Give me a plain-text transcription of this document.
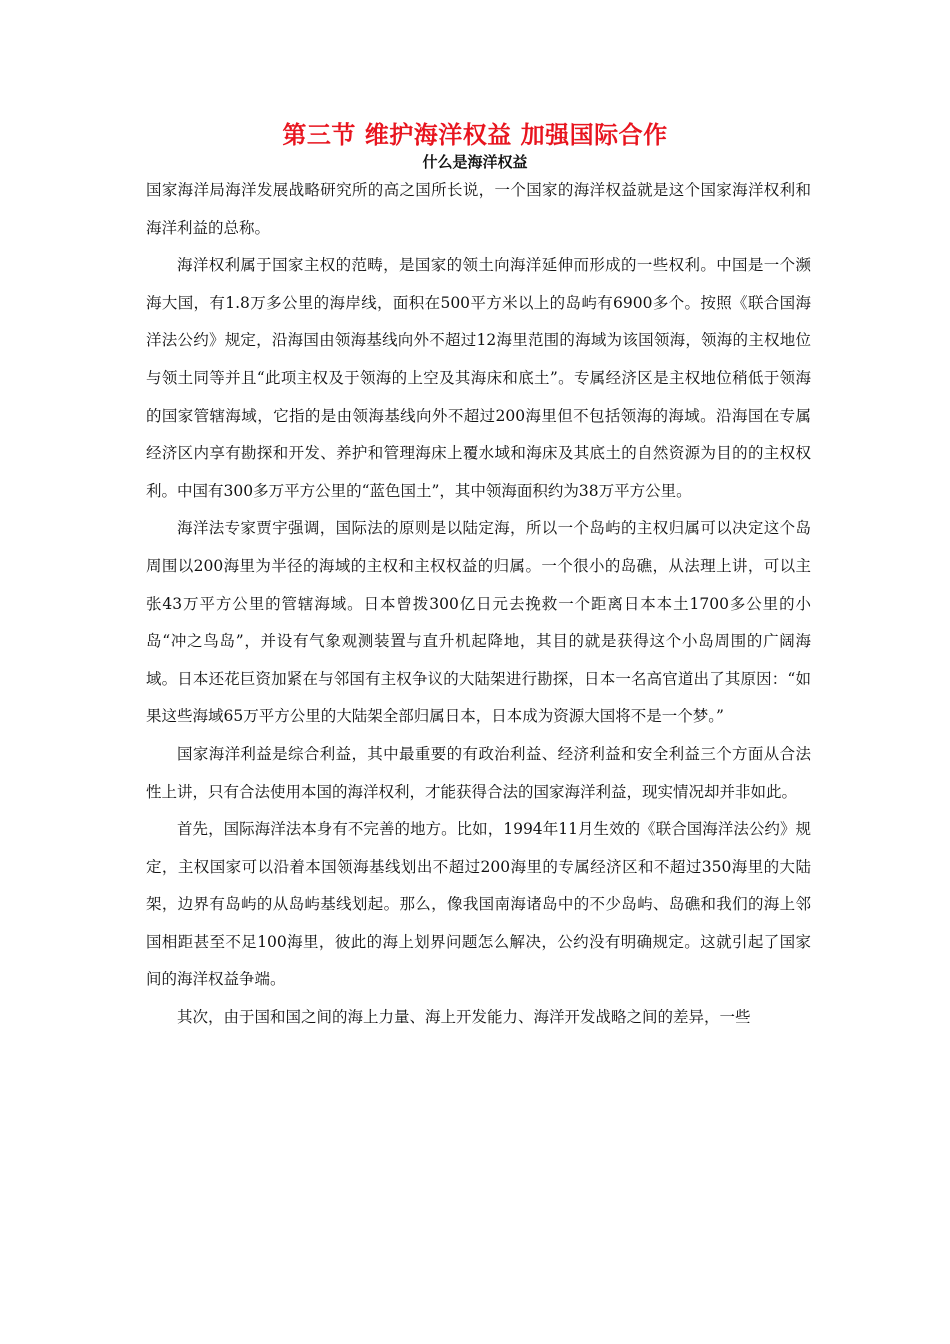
第三节 维护海洋权益 加强国际合作
什么是海洋权益

国家海洋局海洋发展战略研究所的高之国所长说，一个国家的海洋权益就是这个国家海洋权利和海洋利益的总称。

海洋权利属于国家主权的范畴，是国家的领土向海洋延伸而形成的一些权利。中国是一个濒海大国，有1.8万多公里的海岸线，面积在500平方米以上的岛屿有6900多个。按照《联合国海洋法公约》规定，沿海国由领海基线向外不超过12海里范围的海域为该国领海，领海的主权地位与领土同等并且“此项主权及于领海的上空及其海床和底土”。专属经济区是主权地位稍低于领海的国家管辖海域，它指的是由领海基线向外不超过200海里但不包括领海的海域。沿海国在专属经济区内享有勘探和开发、养护和管理海床上覆水域和海床及其底土的自然资源为目的的主权权利。中国有300多万平方公里的“蓝色国土”，其中领海面积约为38万平方公里。

海洋法专家贾宇强调，国际法的原则是以陆定海，所以一个岛屿的主权归属可以决定这个岛周围以200海里为半径的海域的主权和主权权益的归属。一个很小的岛礁，从法理上讲，可以主张43万平方公里的管辖海域。日本曾拨300亿日元去挽救一个距离日本本土1700多公里的小岛“冲之鸟岛”，并设有气象观测装置与直升机起降地，其目的就是获得这个小岛周围的广阔海域。日本还花巨资加紧在与邻国有主权争议的大陆架进行勘探，日本一名高官道出了其原因：“如果这些海域65万平方公里的大陆架全部归属日本，日本成为资源大国将不是一个梦。”

国家海洋利益是综合利益，其中最重要的有政治利益、经济利益和安全利益三个方面从合法性上讲，只有合法使用本国的海洋权利，才能获得合法的国家海洋利益，现实情况却并非如此。

首先，国际海洋法本身有不完善的地方。比如，1994年11月生效的《联合国海洋法公约》规定，主权国家可以沿着本国领海基线划出不超过200海里的专属经济区和不超过350海里的大陆架，边界有岛屿的从岛屿基线划起。那么，像我国南海诸岛中的不少岛屿、岛礁和我们的海上邻国相距甚至不足100海里，彼此的海上划界问题怎么解决，公约没有明确规定。这就引起了国家间的海洋权益争端。

其次，由于国和国之间的海上力量、海上开发能力、海洋开发战略之间的差异，一些
